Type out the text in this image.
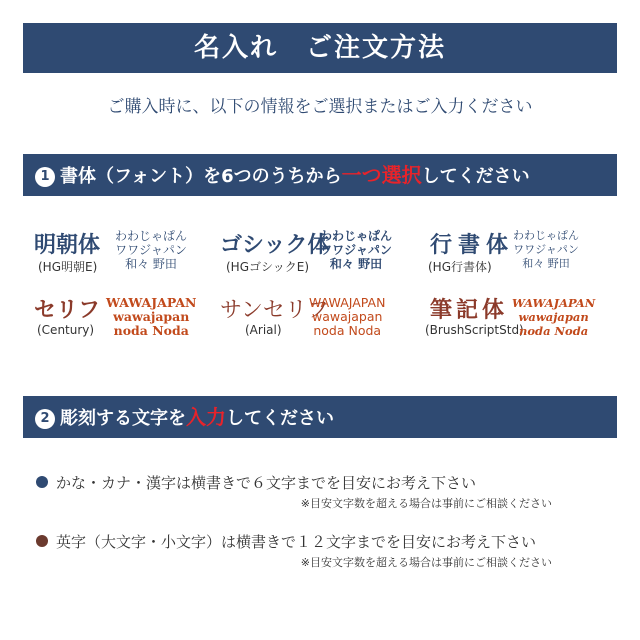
名入れ ご注文方法
ご購入時に、以下の情報をご選択またはご入力ください
1 書体（フォント）を6つのうちから一つ選択してください
明朝体
(HG明朝E)
わわじゃぱん
ワワジャパン
和々 野田
ゴシック体
(HGゴシックE)
わわじゃぱん
ワワジャパン
和々 野田
行書体
(HG行書体)
わわじゃぱん
ワワジャパン
和々 野田
セリフ
(Century)
WAWAJAPAN
wawajapan
noda Noda
サンセリフ
(Arial)
WAWAJAPAN
wawajapan
noda Noda
筆記体
(BrushScriptStd)
WAWAJAPAN
wawajapan
noda Noda
2 彫刻する文字を入力してください
かな・カナ・漢字は横書きで６文字までを目安にお考え下さい
※目安文字数を超える場合は事前にご相談ください
英字（大文字・小文字）は横書きで１２文字までを目安にお考え下さい
※目安文字数を超える場合は事前にご相談ください
